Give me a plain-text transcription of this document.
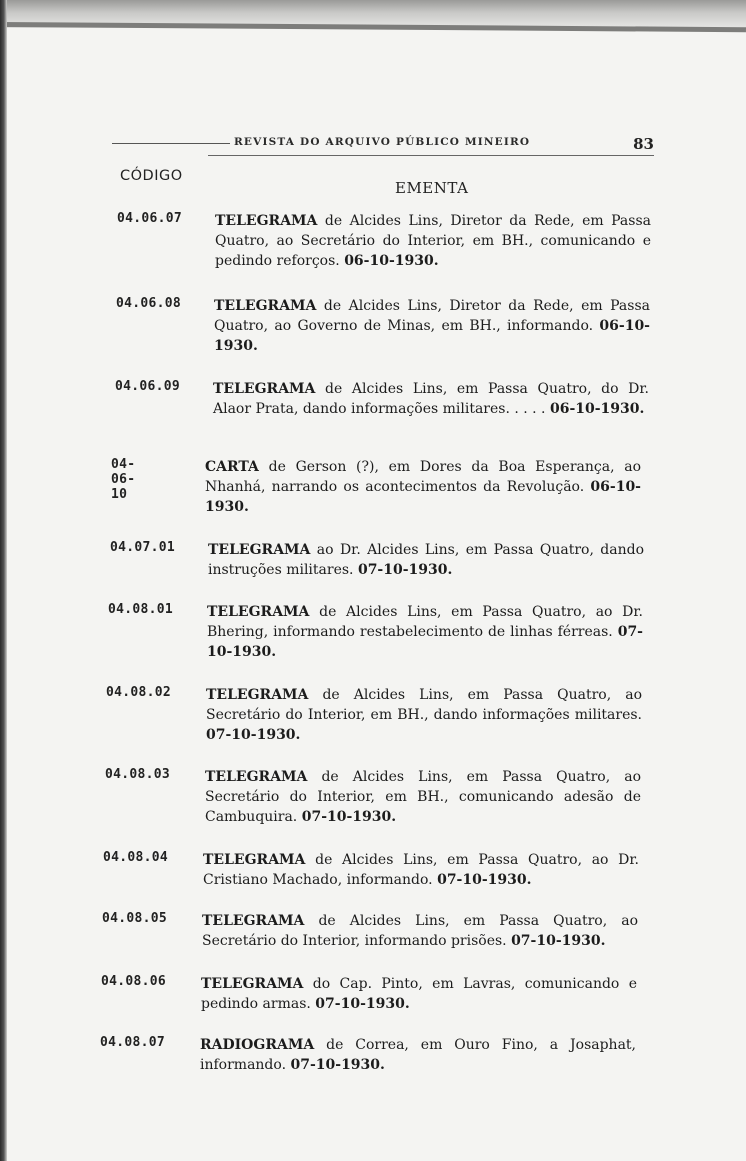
REVISTA DO ARQUIVO PÚBLICO MINEIRO	83
CÓDIGO
EMENTA
04.06.07 TELEGRAMA de Alcides Lins, Diretor da Rede, em Passa Quatro, ao Secretário do Interior, em BH., comunicando e pedindo reforços. 06-10-1930.
04.06.08 TELEGRAMA de Alcides Lins, Diretor da Rede, em Passa Quatro, ao Governo de Minas, em BH., informando. 06-10-1930.
04.06.09 TELEGRAMA de Alcides Lins, em Passa Quatro, do Dr. Alaor Prata, dando informações militares. . . . . 06-10-1930.
04-06-10
CARTA de Gerson (?), em Dores da Boa Esperança, ao Nhanhá, narrando os acontecimentos da Revolução. 06-10-1930.
04.07.01 TELEGRAMA ao Dr. Alcides Lins, em Passa Quatro, dando instruções militares. 07-10-1930.
04.08.01 TELEGRAMA de Alcides Lins, em Passa Quatro, ao Dr. Bhering, informando restabelecimento de linhas férreas. 07-10-1930.
04.08.02 TELEGRAMA de Alcides Lins, em Passa Quatro, ao Secretário do Interior, em BH., dando informações militares. 07-10-1930.
04.08.03 TELEGRAMA de Alcides Lins, em Passa Quatro, ao Secretário do Interior, em BH., comunicando adesão de Cambuquira. 07-10-1930.
04.08.04 TELEGRAMA de Alcides Lins, em Passa Quatro, ao Dr. Cristiano Machado, informando. 07-10-1930.
04.08.05 TELEGRAMA de Alcides Lins, em Passa Quatro, ao Secretário do Interior, informando prisões. 07-10-1930.
04.08.06 TELEGRAMA do Cap. Pinto, em Lavras, comunicando e pedindo armas. 07-10-1930.
04.08.07 RADIOGRAMA de Correa, em Ouro Fino, a Josaphat, informando. 07-10-1930.
